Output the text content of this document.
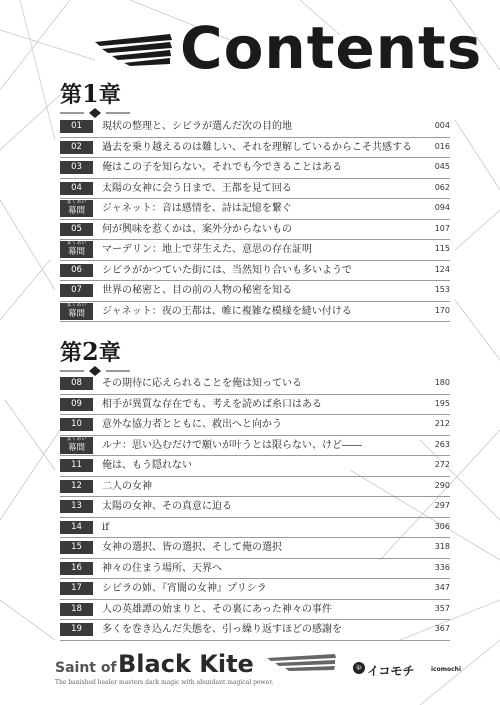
Contents
第1章
01	現状の整理と、シビラが選んだ次の目的地	004
02	過去を乗り越えるのは難しい、それを理解しているからこそ共感する	016
03	俺はこの子を知らない。それでも今できることはある	045
04	太陽の女神に会う日まで、王都を見て回る	062
まくあい
幕間	ジャネット：音は感情を、詩は記憶を繋ぐ	094
05	何が興味を惹くかは、案外分からないもの	107
まくあい
幕間	マーデリン：地上で芽生えた、意思の存在証明	115
06	シビラがかつていた街には、当然知り合いも多いようで	124
07	世界の秘密と、目の前の人物の秘密を知る	153
まくあい
幕間	ジャネット：夜の王都は、帷に複雑な模様を縫い付ける	170
第2章
08	その期待に応えられることを俺は知っている	180
09	相手が異質な存在でも、考えを読めば糸口はある	195
10	意外な協力者とともに、救出へと向かう	212
まくあい
幕間	ルナ：思い込むだけで願いが叶うとは限らない、けど――	263
11	俺は、もう隠れない	272
12	二人の女神	290
13	太陽の女神、その真意に迫る	297
14	if	306
15	女神の選択、皆の選択、そして俺の選択	318
16	神々の住まう場所、天界へ	336
17	シビラの姉、『宵闇の女神』プリシラ	347
18	人の英雄譚の始まりと、その裏にあった神々の事件	357
19	多くを巻き込んだ失態を、引っ繰り返すほどの感謝を	367
Saint of Black Kite
The banished healer masters dark magic with abundant magical power.
ip イコモチ	icomochi
